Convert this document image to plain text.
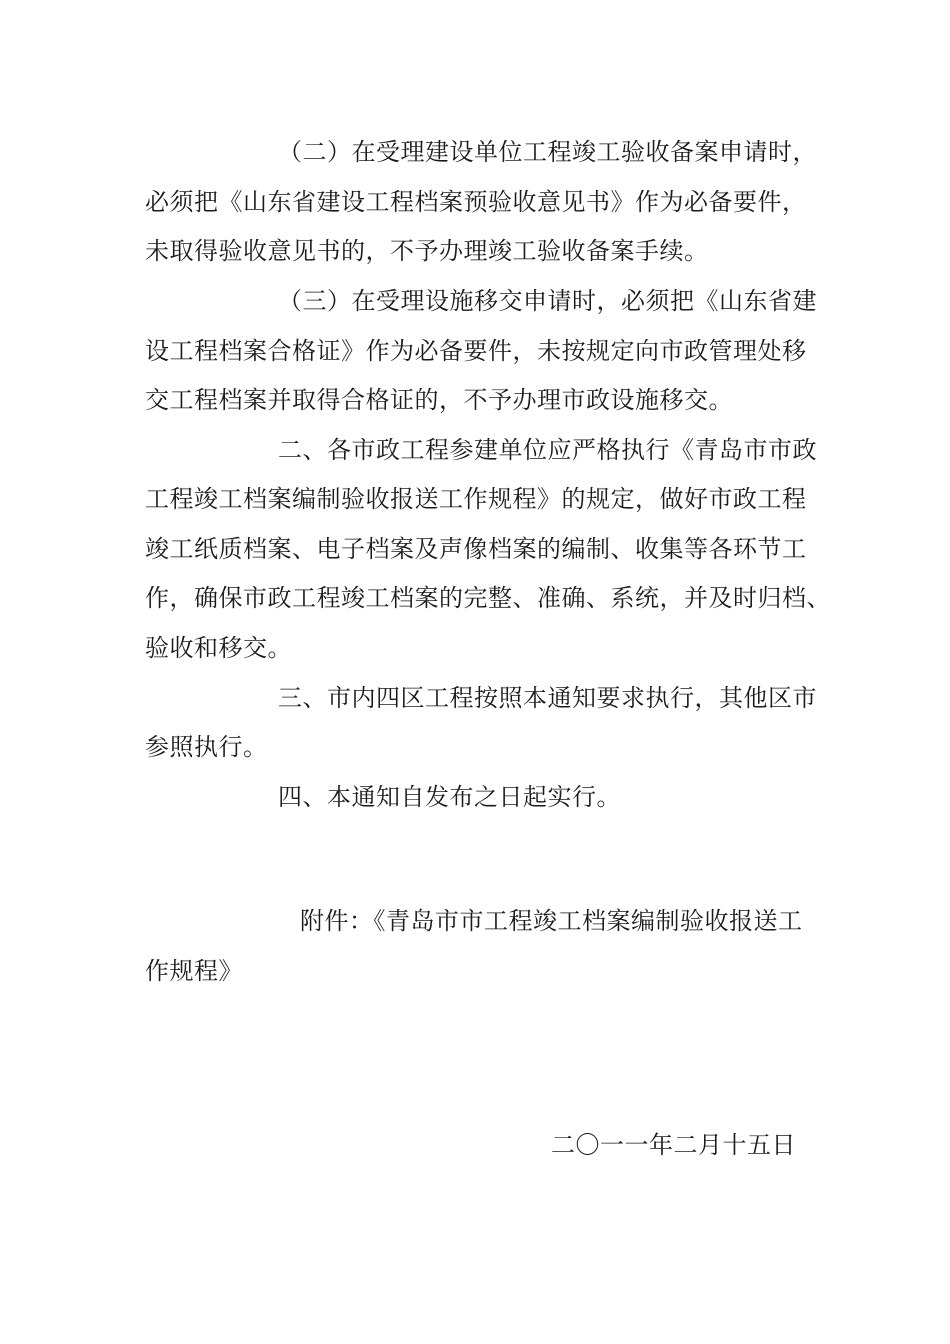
（二）在受理建设单位工程竣工验收备案申请时，
必须把《山东省建设工程档案预验收意见书》作为必备要件，
未取得验收意见书的，不予办理竣工验收备案手续。
（三）在受理设施移交申请时，必须把《山东省建
设工程档案合格证》作为必备要件，未按规定向市政管理处移
交工程档案并取得合格证的，不予办理市政设施移交。
二、各市政工程参建单位应严格执行《青岛市市政
工程竣工档案编制验收报送工作规程》的规定，做好市政工程
竣工纸质档案、电子档案及声像档案的编制、收集等各环节工
作，确保市政工程竣工档案的完整、准确、系统，并及时归档、
验收和移交。
三、市内四区工程按照本通知要求执行，其他区市
参照执行。
四、本通知自发布之日起实行。
附件：《青岛市市工程竣工档案编制验收报送工
作规程》
二〇一一年二月十五日
